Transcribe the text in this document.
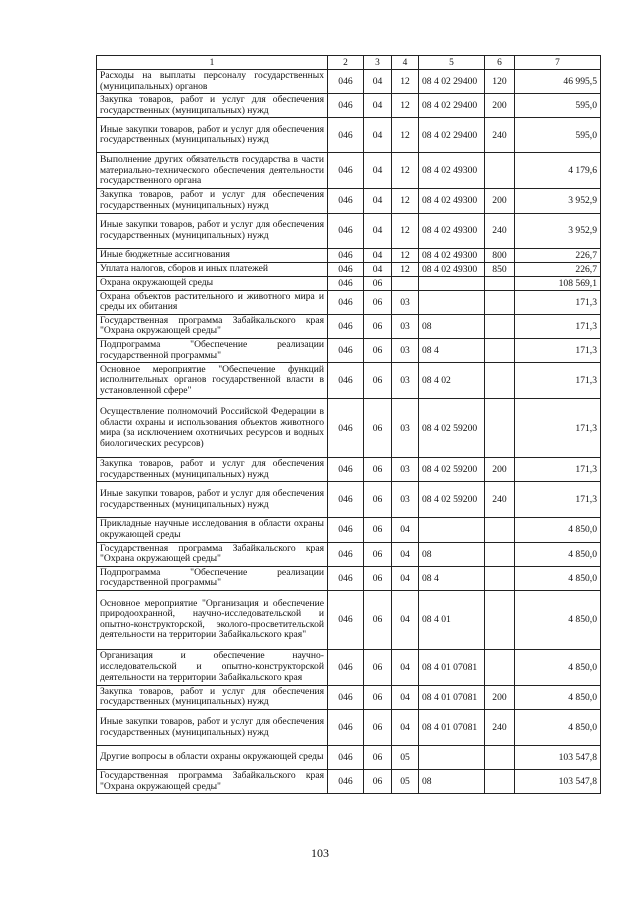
1	2	3	4	5	6	7
Расходы на выплаты персоналу государственных (муниципальных) органов	046	04	12	08 4 02 29400	120	46 995,5
Закупка товаров, работ и услуг для обеспечения государственных (муниципальных) нужд	046	04	12	08 4 02 29400	200	595,0
Иные закупки товаров, работ и услуг для обеспечения государственных (муниципальных) нужд	046	04	12	08 4 02 29400	240	595,0
Выполнение других обязательств государства в части материально-технического обеспечения деятельности государственного органа	046	04	12	08 4 02 49300		4 179,6
Закупка товаров, работ и услуг для обеспечения государственных (муниципальных) нужд	046	04	12	08 4 02 49300	200	3 952,9
Иные закупки товаров, работ и услуг для обеспечения государственных (муниципальных) нужд	046	04	12	08 4 02 49300	240	3 952,9
Иные бюджетные ассигнования	046	04	12	08 4 02 49300	800	226,7
Уплата налогов, сборов и иных платежей	046	04	12	08 4 02 49300	850	226,7
Охрана окружающей среды	046	06				108 569,1
Охрана объектов растительного и животного мира и среды их обитания	046	06	03			171,3
Государственная программа Забайкальского края "Охрана окружающей среды"	046	06	03	08		171,3
Подпрограмма "Обеспечение реализации государственной программы"	046	06	03	08 4		171,3
Основное мероприятие "Обеспечение функций исполнительных органов государственной власти в установленной сфере"	046	06	03	08 4 02		171,3
Осуществление полномочий Российской Федерации в области охраны и использования объектов животного мира (за исключением охотничьих ресурсов и водных биологических ресурсов)	046	06	03	08 4 02 59200		171,3
Закупка товаров, работ и услуг для обеспечения государственных (муниципальных) нужд	046	06	03	08 4 02 59200	200	171,3
Иные закупки товаров, работ и услуг для обеспечения государственных (муниципальных) нужд	046	06	03	08 4 02 59200	240	171,3
Прикладные научные исследования в области охраны окружающей среды	046	06	04			4 850,0
Государственная программа Забайкальского края "Охрана окружающей среды"	046	06	04	08		4 850,0
Подпрограмма "Обеспечение реализации государственной программы"	046	06	04	08 4		4 850,0
Основное мероприятие "Организация и обеспечение природоохранной, научно-исследовательской и опытно-конструкторской, эколого-просветительской деятельности на территории Забайкальского края"	046	06	04	08 4 01		4 850,0
Организация и обеспечение научно-исследовательской и опытно-конструкторской деятельности на территории Забайкальского края	046	06	04	08 4 01 07081		4 850,0
Закупка товаров, работ и услуг для обеспечения государственных (муниципальных) нужд	046	06	04	08 4 01 07081	200	4 850,0
Иные закупки товаров, работ и услуг для обеспечения государственных (муниципальных) нужд	046	06	04	08 4 01 07081	240	4 850,0
Другие вопросы в области охраны окружающей среды	046	06	05			103 547,8
Государственная программа Забайкальского края "Охрана окружающей среды"	046	06	05	08		103 547,8
103
